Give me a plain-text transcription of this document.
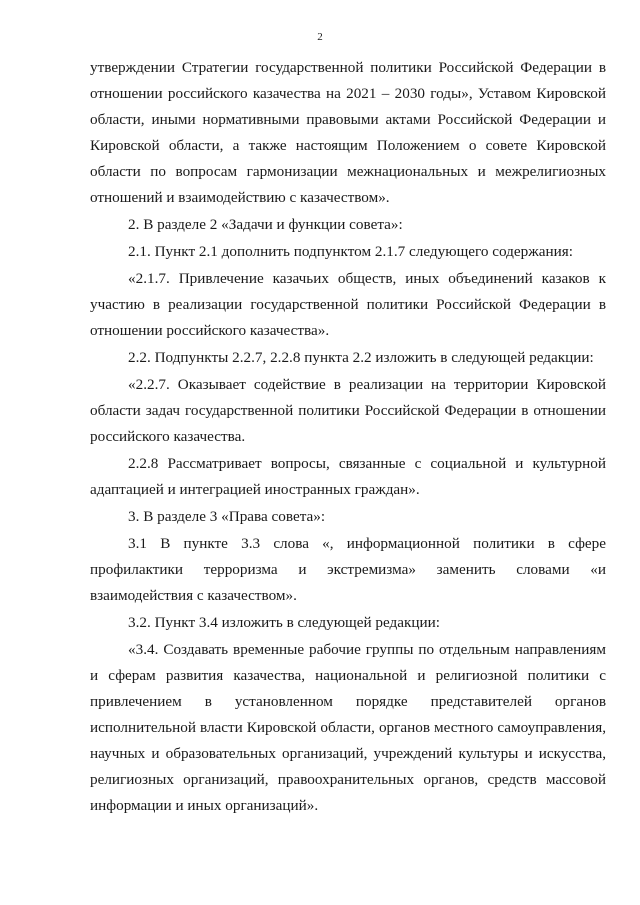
2

утверждении Стратегии государственной политики Российской Федерации в отношении российского казачества на 2021 – 2030 годы», Уставом Кировской области, иными нормативными правовыми актами Российской Федерации и Кировской области, а также настоящим Положением о совете Кировской области по вопросам гармонизации межнациональных и межрелигиозных отношений и взаимодействию с казачеством».

2. В разделе 2 «Задачи и функции совета»:

2.1. Пункт 2.1 дополнить подпунктом 2.1.7 следующего содержания:

«2.1.7. Привлечение казачьих обществ, иных объединений казаков к участию в реализации государственной политики Российской Федерации в отношении российского казачества».

2.2. Подпункты 2.2.7, 2.2.8 пункта 2.2 изложить в следующей редакции:

«2.2.7. Оказывает содействие в реализации на территории Кировской области задач государственной политики Российской Федерации в отношении российского казачества.

2.2.8 Рассматривает вопросы, связанные с социальной и культурной адаптацией и интеграцией иностранных граждан».

3. В разделе 3 «Права совета»:

3.1 В пункте 3.3 слова «, информационной политики в сфере профилактики терроризма и экстремизма» заменить словами «и взаимодействия с казачеством».

3.2. Пункт 3.4 изложить в следующей редакции:

«3.4. Создавать временные рабочие группы по отдельным направлениям и сферам развития казачества, национальной и религиозной политики с привлечением в установленном порядке представителей органов исполнительной власти Кировской области, органов местного самоуправления, научных и образовательных организаций, учреждений культуры и искусства, религиозных организаций, правоохранительных органов, средств массовой информации и иных организаций».
